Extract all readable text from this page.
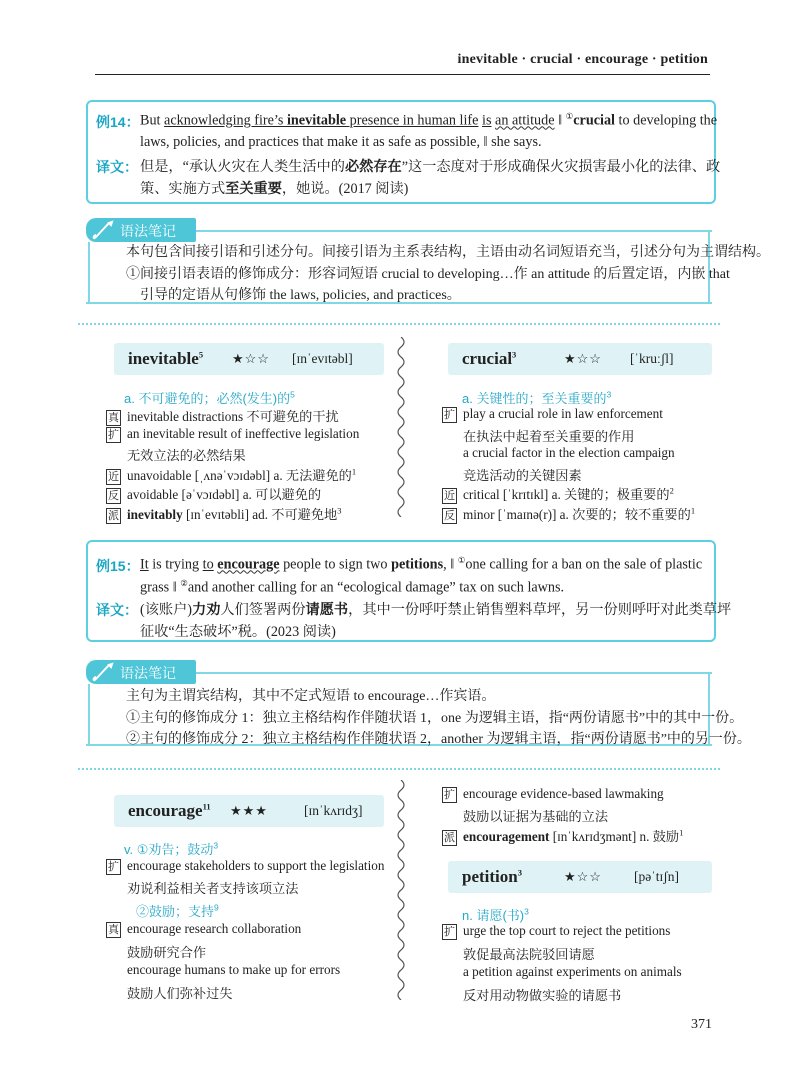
inevitable · crucial · encourage · petition
例14： But acknowledging fire’s inevitable presence in human life is an attitude ‖ ①crucial to developing the
laws, policies, and practices that make it as safe as possible, ‖ she says.
译文： 但是，“承认火灾在人类生活中的必然存在”这一态度对于形成确保火灾损害最小化的法律、政
策、实施方式至关重要，她说。(2017 阅读)
语法笔记
本句包含间接引语和引述分句。间接引语为主系表结构，主语由动名词短语充当，引述分句为主谓结构。
①间接引语表语的修饰成分：形容词短语 crucial to developing…作 an attitude 的后置定语，内嵌 that
引导的定语从句修饰 the laws, policies, and practices。
inevitable$^5$ ★☆☆ [ɪnˈevɪtəbl]
a. 不可避免的；必然(发生)的$^5$
真 inevitable distractions 不可避免的干扰
扩 an inevitable result of ineffective legislation
无效立法的必然结果
近 unavoidable [ˌʌnəˈvɔɪdəbl] a. 无法避免的$^1$
反 avoidable [əˈvɔɪdəbl] a. 可以避免的
派 inevitably [ɪnˈevɪtəbli] ad. 不可避免地$^3$
crucial$^3$	★☆☆ [ˈkruːʃl]
a. 关键性的；至关重要的$^3$
扩 play a crucial role in law enforcement
在执法中起着至关重要的作用
a crucial factor in the election campaign
竞选活动的关键因素
近 critical [ˈkrɪtɪkl] a. 关键的；极重要的$^2$
反 minor [ˈmaɪnə(r)] a. 次要的；较不重要的$^1$
例15： It is trying to encourage people to sign two petitions, ‖ ①one calling for a ban on the sale of plastic
grass ‖ ②and another calling for an “ecological damage” tax on such lawns.
译文： (该账户)力劝人们签署两份请愿书，其中一份呼吁禁止销售塑料草坪，另一份则呼吁对此类草坪
征收“生态破坏”税。(2023 阅读)
语法笔记
主句为主谓宾结构，其中不定式短语 to encourage…作宾语。
①主句的修饰成分 1：独立主格结构作伴随状语 1，one 为逻辑主语，指“两份请愿书”中的其中一份。
②主句的修饰成分 2：独立主格结构作伴随状语 2，another 为逻辑主语，指“两份请愿书”中的另一份。
encourage$^{11}$ ★★★	[ɪnˈkʌrɪdʒ]
v. ①劝告；鼓动$^3$
扩 encourage stakeholders to support the legislation
劝说利益相关者支持该项立法
②鼓励；支持$^9$
真 encourage research collaboration
鼓励研究合作
encourage humans to make up for errors
鼓励人们弥补过失
扩 encourage evidence-based lawmaking
鼓励以证据为基础的立法
派 encouragement [ɪnˈkʌrɪdʒmənt] n. 鼓励$^1$
petition$^3$	★☆☆ [pəˈtɪʃn]
n. 请愿(书)$^3$
扩 urge the top court to reject the petitions
敦促最高法院驳回请愿
a petition against experiments on animals
反对用动物做实验的请愿书
371
